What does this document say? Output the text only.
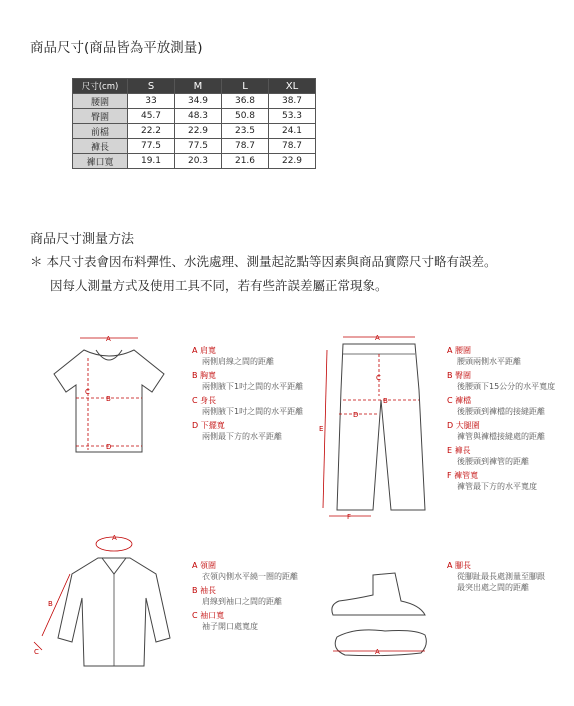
商品尺寸(商品皆為平放測量)
尺寸(cm)	S	M	L	XL
腰圍	33	34.9	36.8	38.7
臀圍	45.7	48.3	50.8	53.3
前檔	22.2	22.9	23.5	24.1
褲長	77.5	77.5	78.7	78.7
褲口寬	19.1	20.3	21.6	22.9
商品尺寸測量方法
＊ 本尺寸表會因布料彈性、水洗處理、測量起訖點等因素與商品實際尺寸略有誤差。
因每人測量方式及使用工具不同，若有些許誤差屬正常現象。
A
B
C
D
A 肩寬
兩側肩線之間的距離
B 胸寬
兩側腋下1吋之間的水平距離
C 身長
兩側腋下1吋之間的水平距離
D 下擺寬
兩側最下方的水平距離
A
B
C
D
E
F
A 腰圍
腰頭兩側水平距離
B 臀圍
後腰頭下15公分的水平寬度
C 褲檔
後腰頭到褲檔的接縫距離
D 大腿圍
褲管與褲檔接縫處的距離
E 褲長
後腰頭到褲管的距離
F 褲管寬
褲管最下方的水平寬度
A
B
C
A 領圍
衣領內側水平繞一圈的距離
B 袖長
肩線到袖口之間的距離
C 袖口寬
袖子開口處寬度
A
A 腳長
從腳趾最長處測量至腳跟
最突出處之間的距離
